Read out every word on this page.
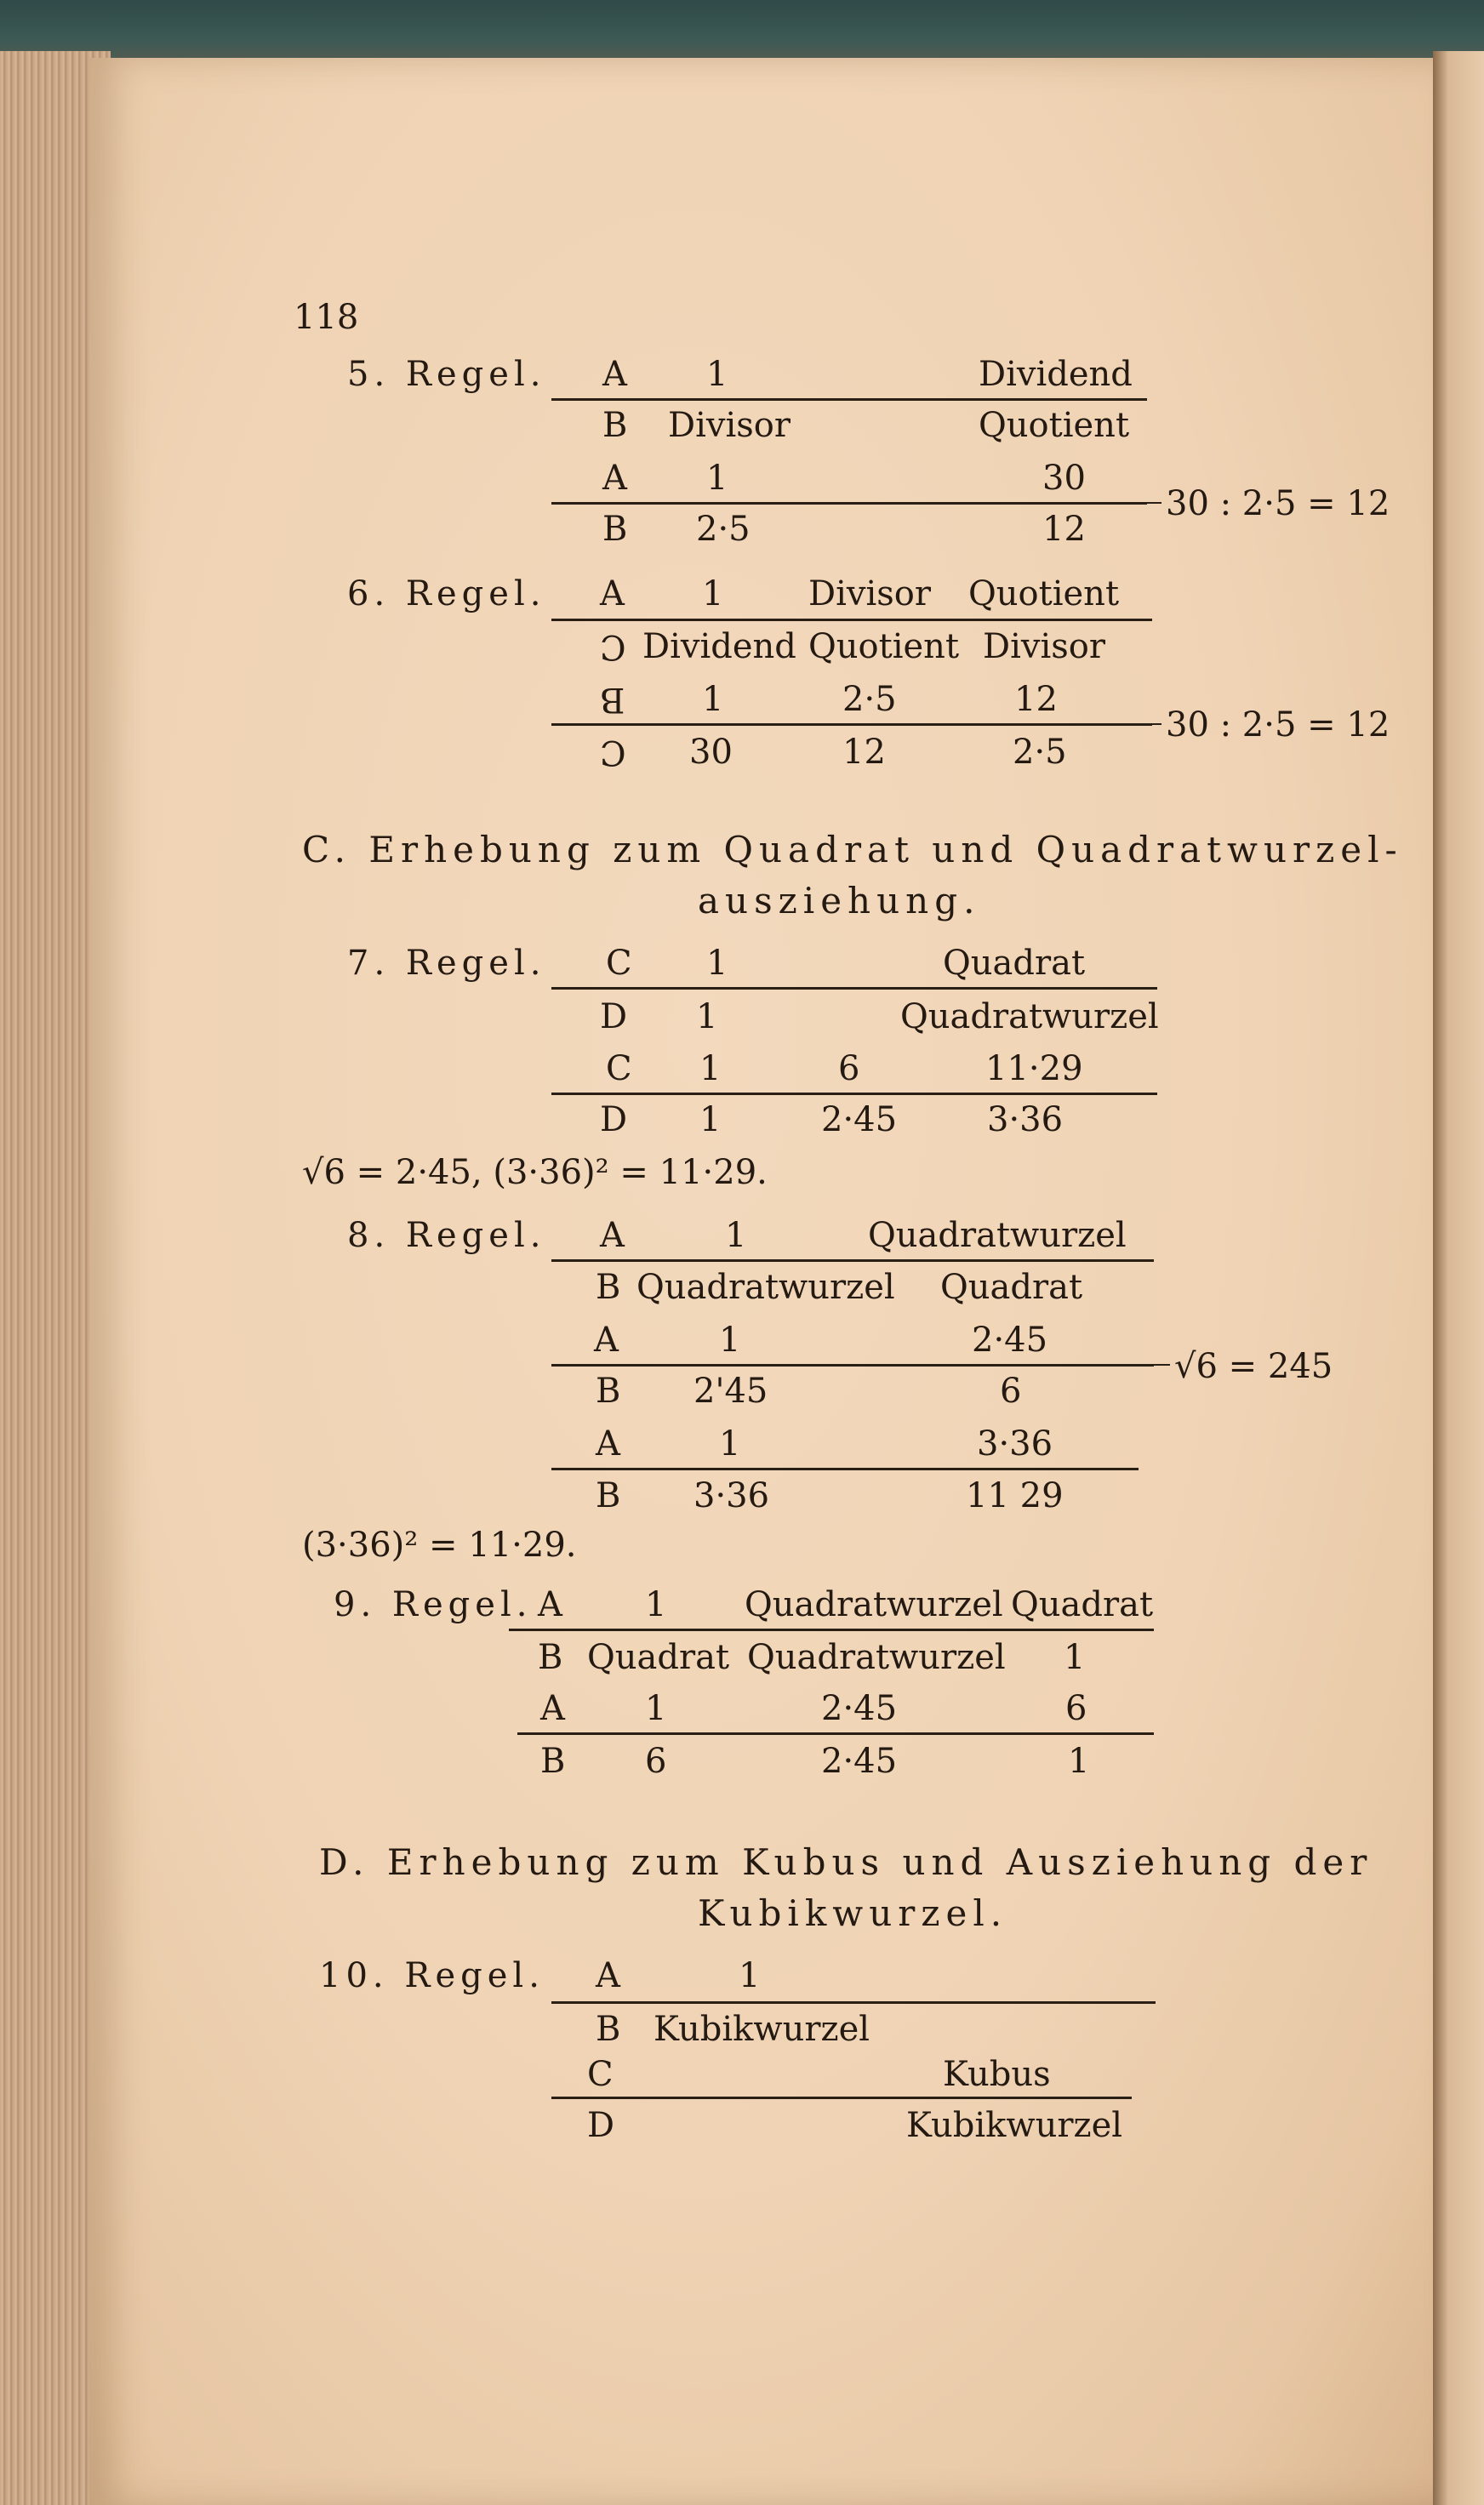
118
5. Regel. A 1	Dividend
B Divisor	Quotient
A 1	30
B 2·5	12
30 : 2·5 = 12
6. Regel. A 1 Divisor Quotient
C Dividend Quotient Divisor
B 1	2·5	12
C 30	12	2·5
30 : 2·5 = 12
C. Erhebung zum Quadrat und Quadratwurzel-
ausziehung.
7. Regel. C 1	Quadrat
D 1	Quadratwurzel
C 1	6	11·29
D 1	2·45	3·36
√6 = 2·45, (3·36)² = 11·29.
8. Regel. A	1	Quadratwurzel
B Quadratwurzel Quadrat
A	1	2·45
B 2'45	6
A	1	3·36
B 3·36	11 29
√6 = 245
(3·36)² = 11·29.
9. Regel. A 1 Quadratwurzel Quadrat
B Quadrat Quadratwurzel 1
A 1	2·45	6
B 6	2·45	1
D. Erhebung zum Kubus und Ausziehung der
Kubikwurzel.
10. Regel. A	1
B Kubikwurzel
C	Kubus
D	Kubikwurzel
